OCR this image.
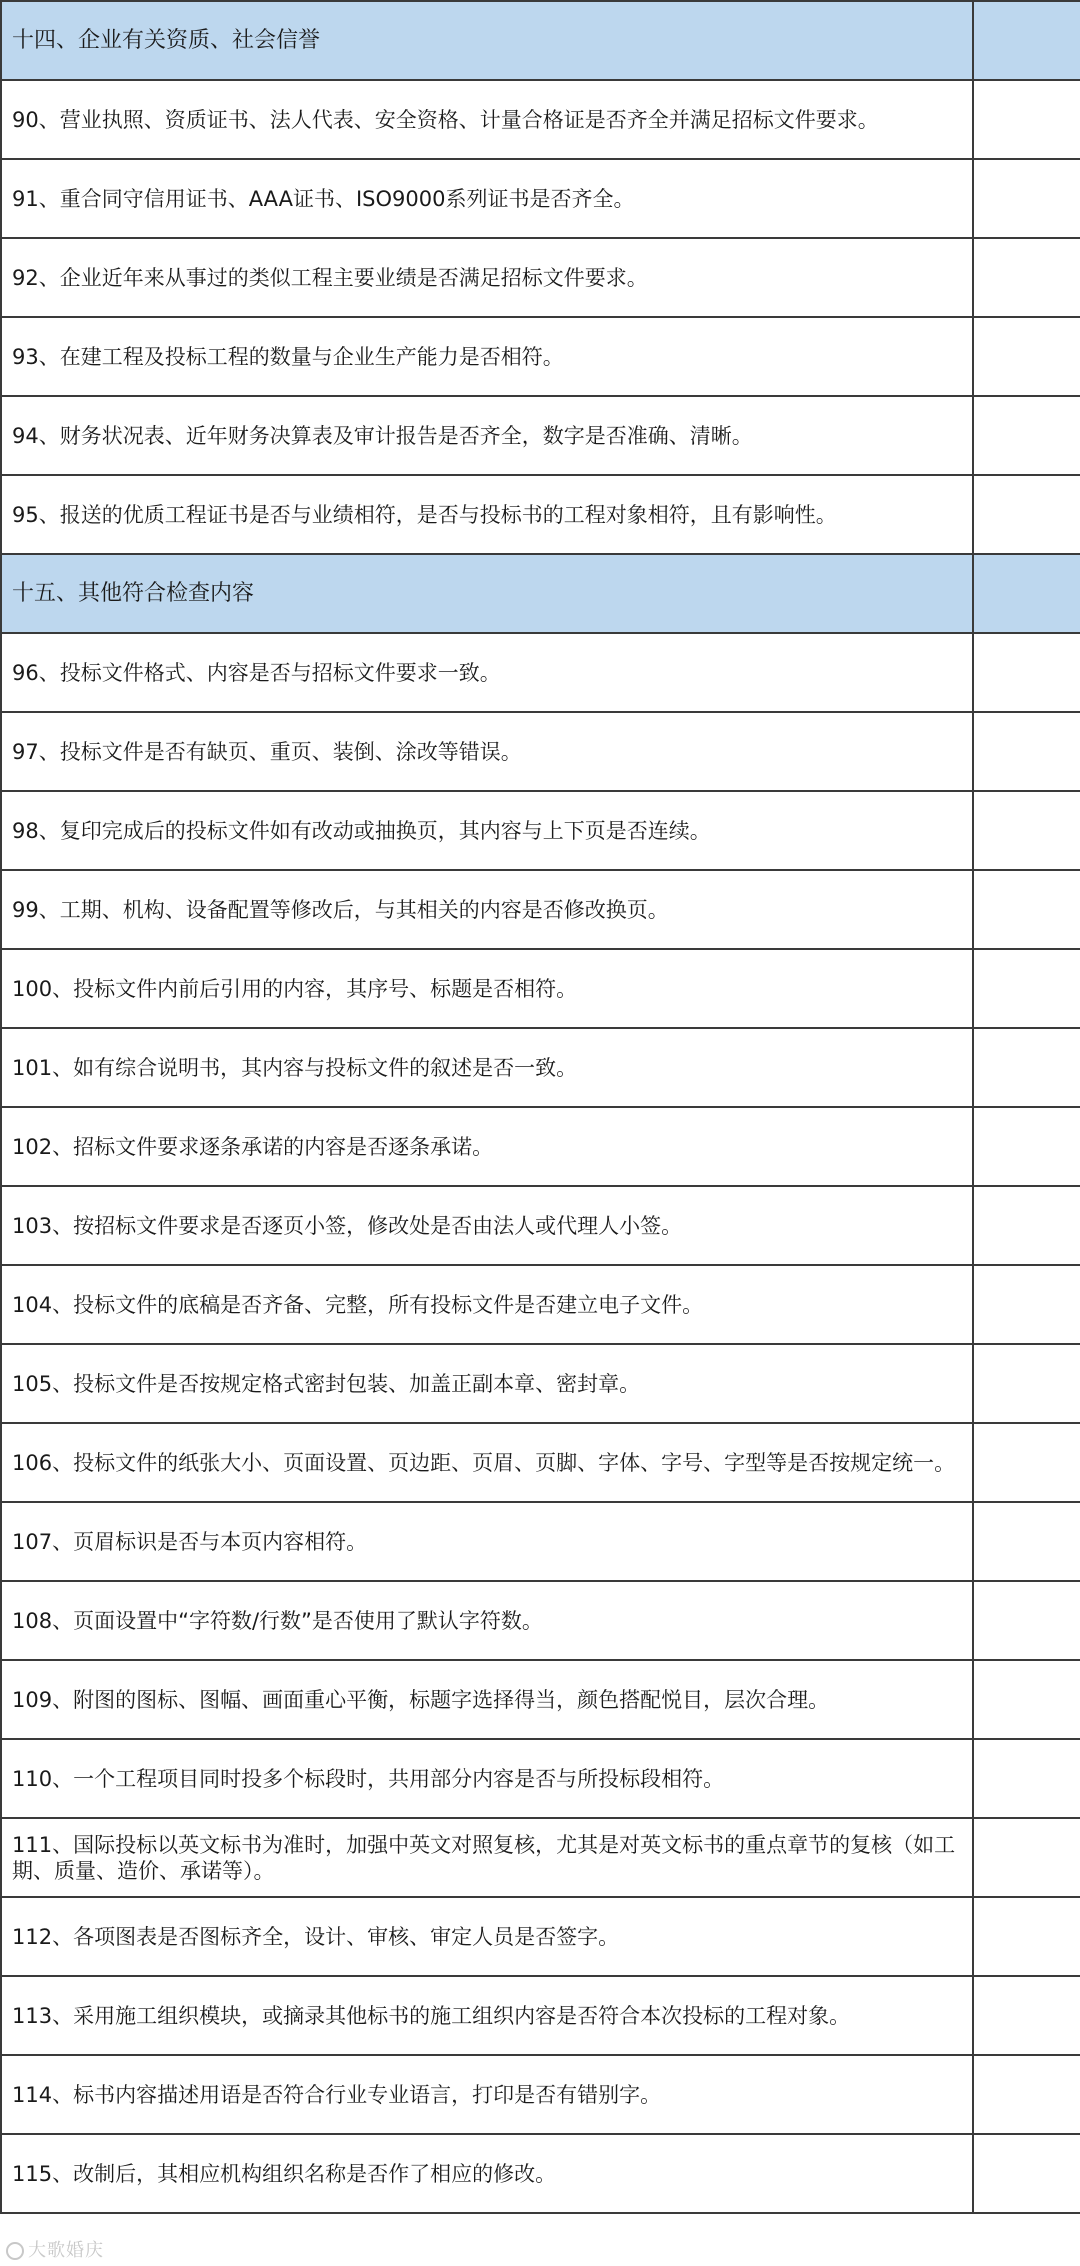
十四、企业有关资质、社会信誉	
90、营业执照、资质证书、法人代表、安全资格、计量合格证是否齐全并满足招标文件要求。	
91、重合同守信用证书、AAA证书、ISO9000系列证书是否齐全。	
92、企业近年来从事过的类似工程主要业绩是否满足招标文件要求。	
93、在建工程及投标工程的数量与企业生产能力是否相符。	
94、财务状况表、近年财务决算表及审计报告是否齐全，数字是否准确、清晰。	
95、报送的优质工程证书是否与业绩相符，是否与投标书的工程对象相符，且有影响性。	
十五、其他符合检查内容	
96、投标文件格式、内容是否与招标文件要求一致。	
97、投标文件是否有缺页、重页、装倒、涂改等错误。	
98、复印完成后的投标文件如有改动或抽换页，其内容与上下页是否连续。	
99、工期、机构、设备配置等修改后，与其相关的内容是否修改换页。	
100、投标文件内前后引用的内容，其序号、标题是否相符。	
101、如有综合说明书，其内容与投标文件的叙述是否一致。	
102、招标文件要求逐条承诺的内容是否逐条承诺。	
103、按招标文件要求是否逐页小签，修改处是否由法人或代理人小签。	
104、投标文件的底稿是否齐备、完整，所有投标文件是否建立电子文件。	
105、投标文件是否按规定格式密封包装、加盖正副本章、密封章。	
106、投标文件的纸张大小、页面设置、页边距、页眉、页脚、字体、字号、字型等是否按规定统一。	
107、页眉标识是否与本页内容相符。	
108、页面设置中“字符数/行数”是否使用了默认字符数。	
109、附图的图标、图幅、画面重心平衡，标题字选择得当，颜色搭配悦目，层次合理。	
110、一个工程项目同时投多个标段时，共用部分内容是否与所投标段相符。	
111、国际投标以英文标书为准时，加强中英文对照复核，尤其是对英文标书的重点章节的复核（如工期、质量、造价、承诺等）。	
112、各项图表是否图标齐全，设计、审核、审定人员是否签字。	
113、采用施工组织模块，或摘录其他标书的施工组织内容是否符合本次投标的工程对象。	
114、标书内容描述用语是否符合行业专业语言，打印是否有错别字。	
115、改制后，其相应机构组织名称是否作了相应的修改。	
大歌婚庆
